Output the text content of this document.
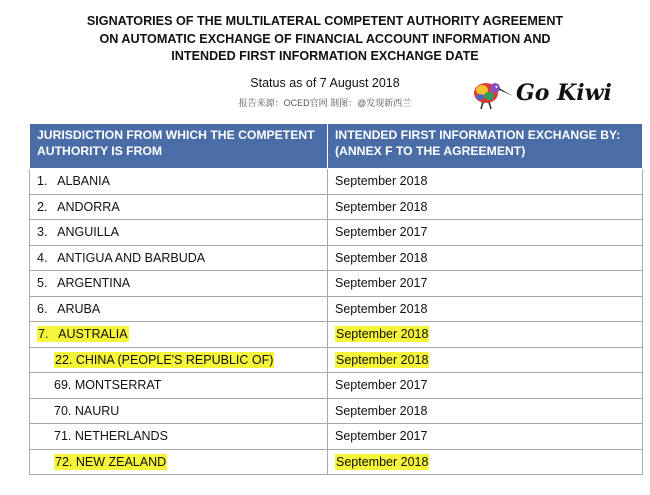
SIGNATORIES OF THE MULTILATERAL COMPETENT AUTHORITY AGREEMENT
ON AUTOMATIC EXCHANGE OF FINANCIAL ACCOUNT INFORMATION AND
INTENDED FIRST INFORMATION EXCHANGE DATE
Status as of 7 August 2018
报告来源：OCED官网 制图：@发现新西兰	Go Kiwi
JURISDICTION FROM WHICH THE COMPETENT AUTHORITY IS FROM	INTENDED FIRST INFORMATION EXCHANGE BY: (ANNEX F TO THE AGREEMENT)
1.   ALBANIA	September 2018
2.   ANDORRA	September 2018
3.   ANGUILLA	September 2017
4.   ANTIGUA AND BARBUDA	September 2018
5.   ARGENTINA	September 2017
6.   ARUBA	September 2018
7.   AUSTRALIA	September 2018
22. CHINA (PEOPLE'S REPUBLIC OF)	September 2018
69. MONTSERRAT	September 2017
70. NAURU	September 2018
71. NETHERLANDS	September 2017
72. NEW ZEALAND	September 2018
